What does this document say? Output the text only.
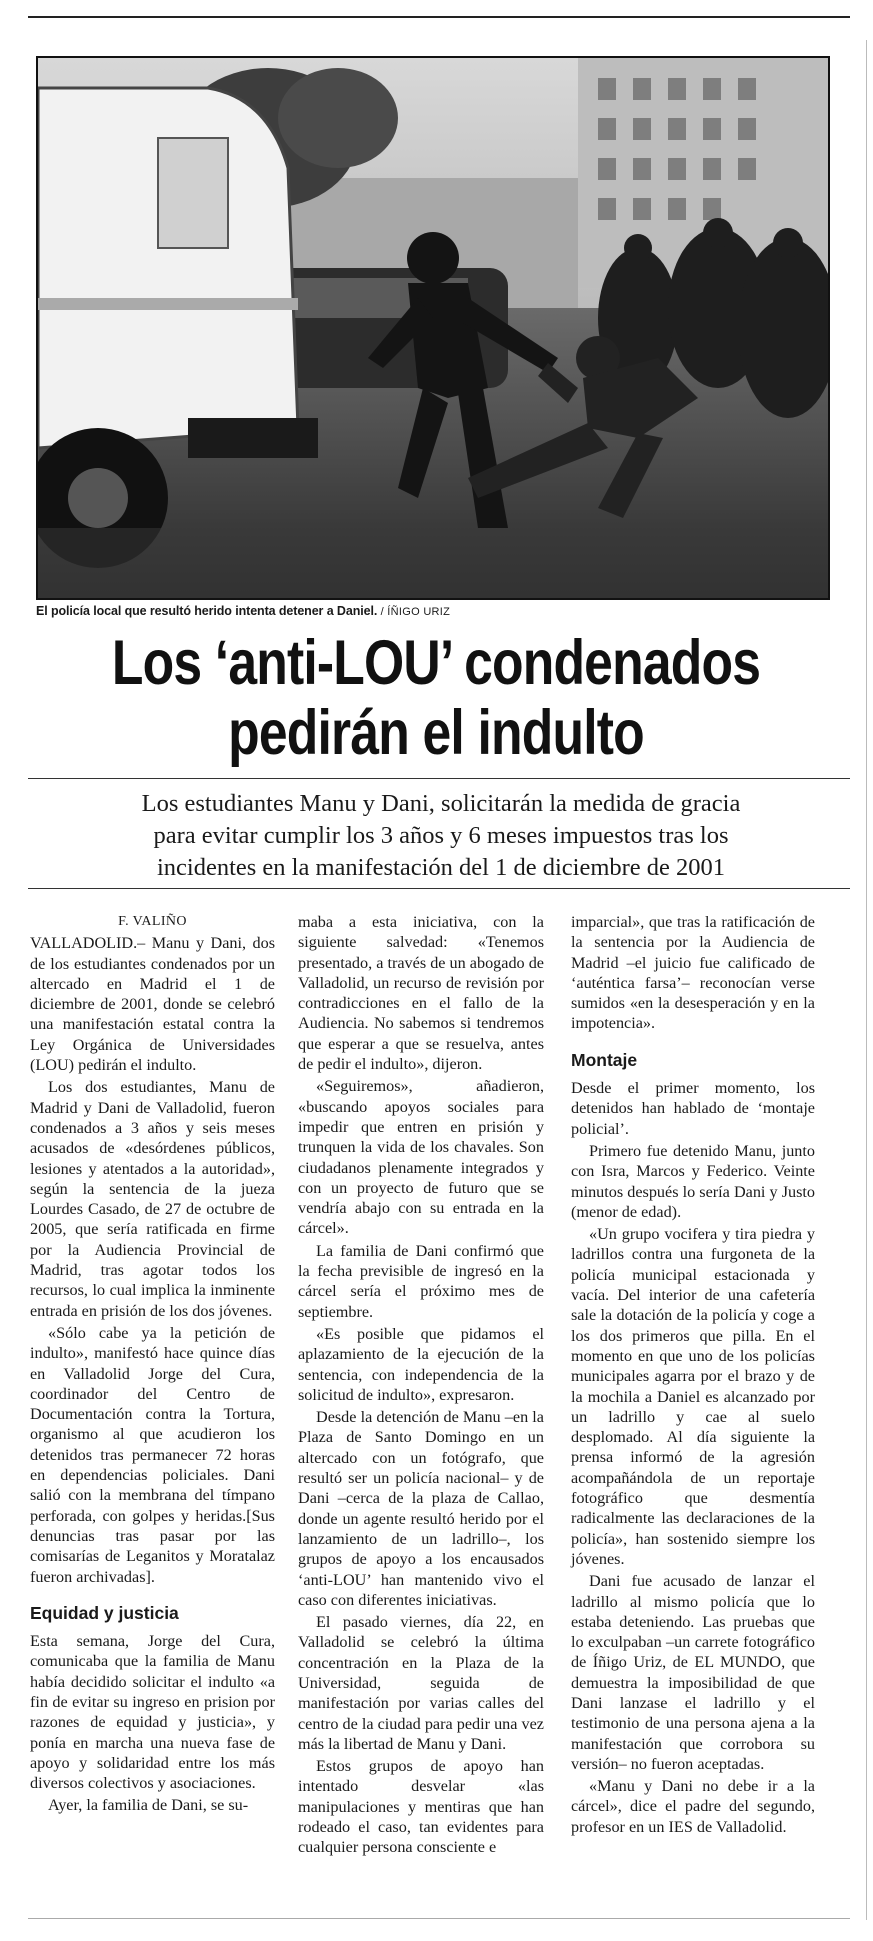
El policía local que resultó herido intenta detener a Daniel. / ÍÑIGO URIZ
Los ‘anti-LOU’ condenados
pedirán el indulto
Los estudiantes Manu y Dani, solicitarán la medida de gracia
para evitar cumplir los 3 años y 6 meses impuestos tras los
incidentes en la manifestación del 1 de diciembre de 2001
F. VALIÑO

VALLADOLID.– Manu y Dani, dos de los estudiantes condenados por un altercado en Madrid el 1 de diciembre de 2001, donde se celebró una manifestación estatal contra la Ley Orgánica de Universidades (LOU) pedirán el indulto.

Los dos estudiantes, Manu de Madrid y Dani de Valladolid, fueron condenados a 3 años y seis meses acusados de «desórdenes públicos, lesiones y atentados a la autoridad», según la sentencia de la jueza Lourdes Casado, de 27 de octubre de 2005, que sería ratificada en firme por la Audiencia Provincial de Madrid, tras agotar todos los recursos, lo cual implica la inminente entrada en prisión de los dos jóvenes.

«Sólo cabe ya la petición de indulto», manifestó hace quince días en Valladolid Jorge del Cura, coordinador del Centro de Documentación contra la Tortura, organismo al que acudieron los detenidos tras permanecer 72 horas en dependencias policiales. Dani salió con la membrana del tímpano perforada, con golpes y heridas.[Sus denuncias tras pasar por las comisarías de Leganitos y Moratalaz fueron archivadas].

Equidad y justicia

Esta semana, Jorge del Cura, comunicaba que la familia de Manu había decidido solicitar el indulto «a fin de evitar su ingreso en prision por razones de equidad y justicia», y ponía en marcha una nueva fase de apoyo y solidaridad entre los más diversos colectivos y asociaciones.

Ayer, la familia de Dani, se su-

maba a esta iniciativa, con la siguiente salvedad: «Tenemos presentado, a través de un abogado de Valladolid, un recurso de revisión por contradicciones en el fallo de la Audiencia. No sabemos si tendremos que esperar a que se resuelva, antes de pedir el indulto», dijeron.

«Seguiremos», añadieron, «buscando apoyos sociales para impedir que entren en prisión y trunquen la vida de los chavales. Son ciudadanos plenamente integrados y con un proyecto de futuro que se vendría abajo con su entrada en la cárcel».

La familia de Dani confirmó que la fecha previsible de ingresó en la cárcel sería el próximo mes de septiembre.

«Es posible que pidamos el aplazamiento de la ejecución de la sentencia, con independencia de la solicitud de indulto», expresaron.

Desde la detención de Manu –en la Plaza de Santo Domingo en un altercado con un fotógrafo, que resultó ser un policía nacional– y de Dani –cerca de la plaza de Callao, donde un agente resultó herido por el lanzamiento de un ladrillo–, los grupos de apoyo a los encausados ‘anti-LOU’ han mantenido vivo el caso con diferentes iniciativas.

El pasado viernes, día 22, en Valladolid se celebró la última concentración en la Plaza de la Universidad, seguida de manifestación por varias calles del centro de la ciudad para pedir una vez más la libertad de Manu y Dani.

Estos grupos de apoyo han intentado desvelar «las manipulaciones y mentiras que han rodeado el caso, tan evidentes para cualquier persona consciente e

imparcial», que tras la ratificación de la sentencia por la Audiencia de Madrid –el juicio fue calificado de ‘auténtica farsa’– reconocían verse sumidos «en la desesperación y en la impotencia».

Montaje

Desde el primer momento, los detenidos han hablado de ‘montaje policial’.

Primero fue detenido Manu, junto con Isra, Marcos y Federico. Veinte minutos después lo sería Dani y Justo (menor de edad).

«Un grupo vocifera y tira piedra y ladrillos contra una furgoneta de la policía municipal estacionada y vacía. Del interior de una cafetería sale la dotación de la policía y coge a los dos primeros que pilla. En el momento en que uno de los policías municipales agarra por el brazo y de la mochila a Daniel es alcanzado por un ladrillo y cae al suelo desplomado. Al día siguiente la prensa informó de la agresión acompañándola de un reportaje fotográfico que desmentía radicalmente las declaraciones de la policía», han sostenido siempre los jóvenes.

Dani fue acusado de lanzar el ladrillo al mismo policía que lo estaba deteniendo. Las pruebas que lo exculpaban –un carrete fotográfico de Íñigo Uriz, de EL MUNDO, que demuestra la imposibilidad de que Dani lanzase el ladrillo y el testimonio de una persona ajena a la manifestación que corrobora su versión– no fueron aceptadas.

«Manu y Dani no debe ir a la cárcel», dice el padre del segundo, profesor en un IES de Valladolid.
